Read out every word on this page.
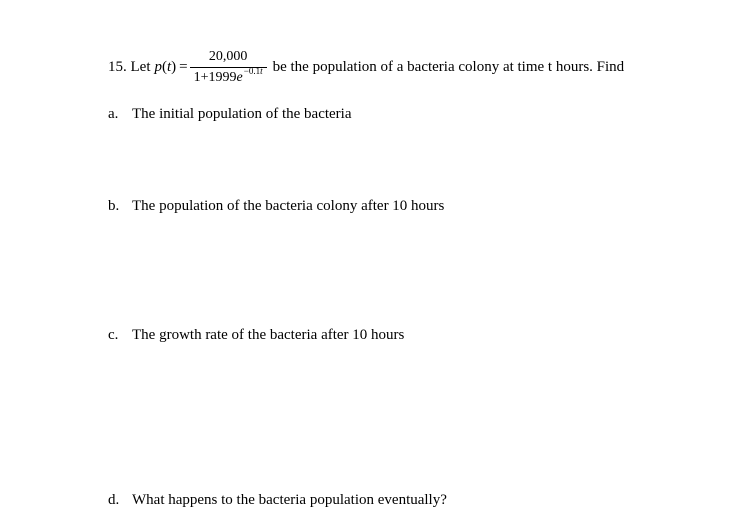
15. Let $p(t) = \frac{20,000}{1+1999e^{-0.1t}}$ be the population of a bacteria colony at time t hours. Find
a. The initial population of the bacteria
b. The population of the bacteria colony after 10 hours
c. The growth rate of the bacteria after 10 hours
d. What happens to the bacteria population eventually?
